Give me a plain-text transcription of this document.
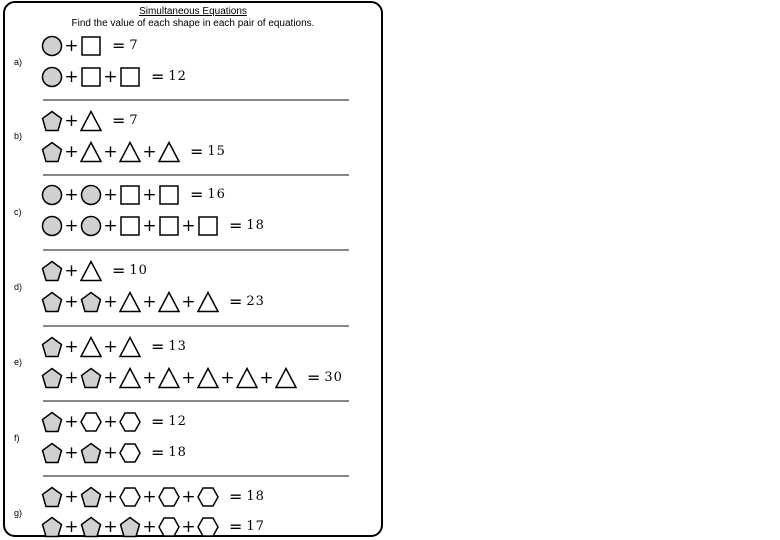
Simultaneous Equations
Find the value of each shape in each pair of equations.
a)
+ = 7
+ + = 12
b)
+ = 7
+ + + = 15
c)
+ + + = 16
+ + + + = 18
d)
+ = 10
+ + + + = 23
e)
+ + = 13
+ + + + + + = 30
f)
+ + = 12
+ + = 18
g)
+ + + + = 18
+ + + + = 17
